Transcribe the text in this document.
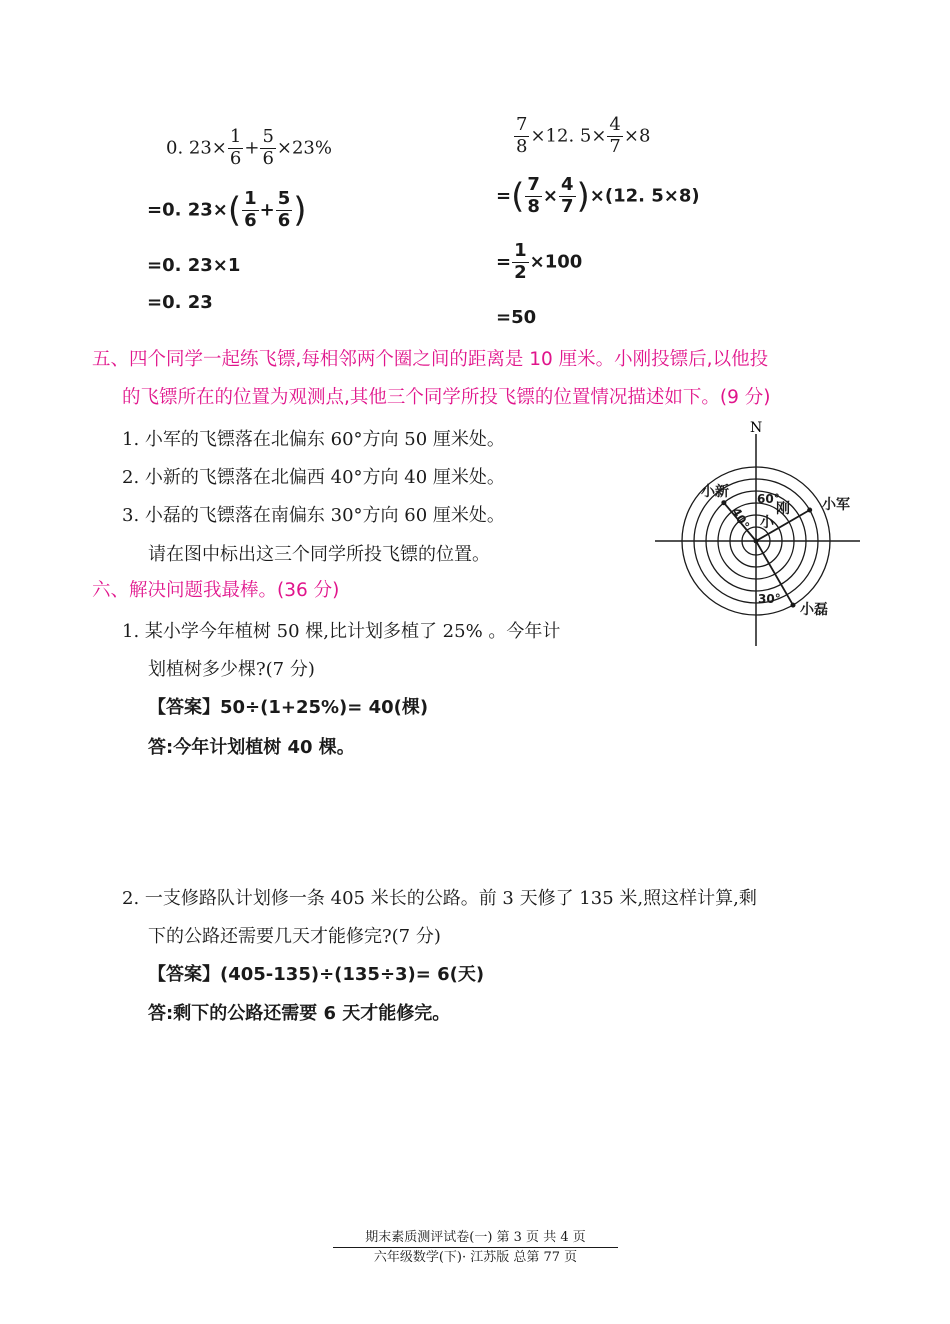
0. $23\times \frac{1}{6} + \frac{5}{6} \times 23\%$
=0. $23\times( \frac{1}{6} + \frac{5}{6}$ )
=0. 23×1
=0. 23
$\frac{7}{8} \times 12$. $5\times \frac{4}{7} \times 8$
=( $\frac{7}{8} \times \frac{4}{7} )\times(12$. 5×8)
= $\frac{1}{2} \times 100$
=50
五、四个同学一起练飞镖,每相邻两个圈之间的距离是 10 厘米。小刚投镖后,以他投
的飞镖所在的位置为观测点,其他三个同学所投飞镖的位置情况描述如下。(9 分)
1. 小军的飞镖落在北偏东 60°方向 50 厘米处。
2. 小新的飞镖落在北偏西 40°方向 40 厘米处。
3. 小磊的飞镖落在南偏东 30°方向 60 厘米处。
请在图中标出这三个同学所投飞镖的位置。
N
小新
小军
小磊
小
刚
60°
40°
30°
六、解决问题我最棒。(36 分)
1. 某小学今年植树 50 棵,比计划多植了 25% 。今年计
划植树多少棵?(7 分)
【答案】50÷(1+25%)= 40(棵)
答:今年计划植树 40 棵。
2. 一支修路队计划修一条 405 米长的公路。前 3 天修了 135 米,照这样计算,剩
下的公路还需要几天才能修完?(7 分)
【答案】(405-135)÷(135÷3)= 6(天)
答:剩下的公路还需要 6 天才能修完。
期末素质测评试卷(一) 第 3 页 共 4 页
六年级数学(下)· 江苏版 总第 77 页
